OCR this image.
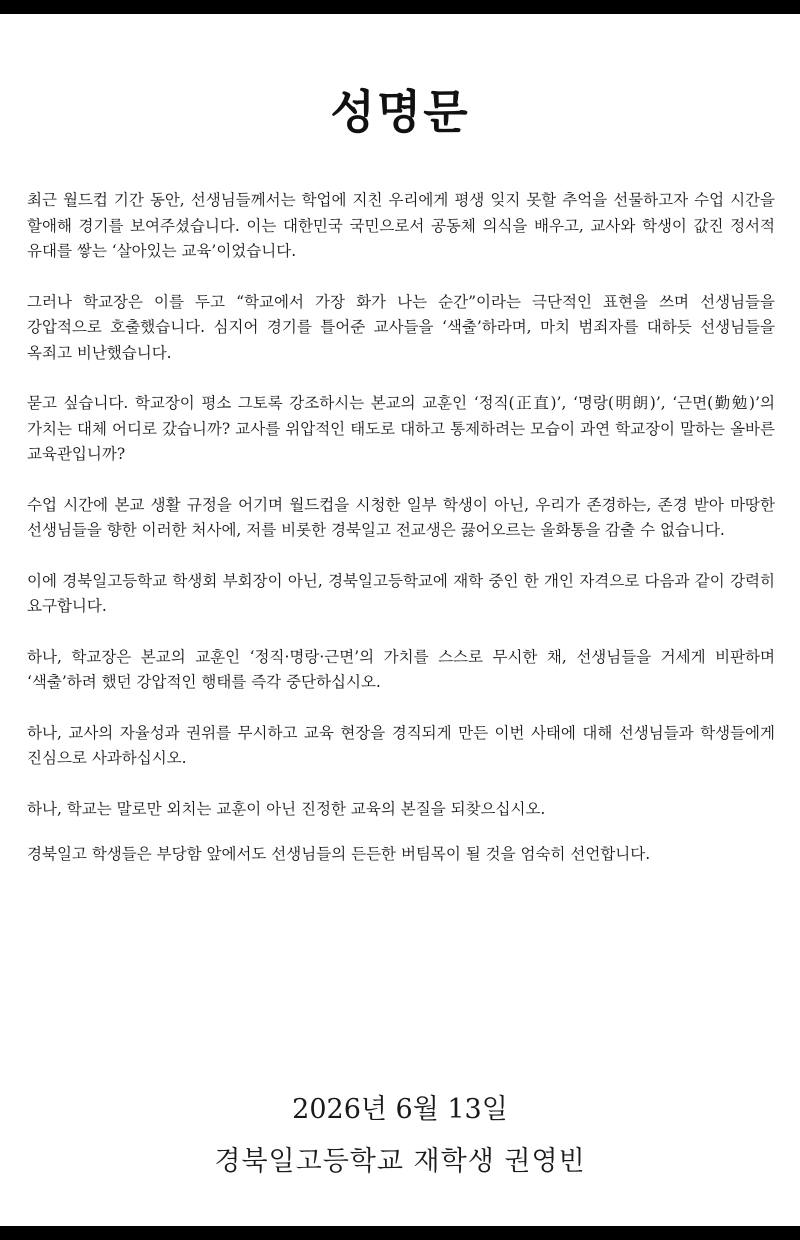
성명문

최근 월드컵 기간 동안, 선생님들께서는 학업에 지친 우리에게 평생 잊지 못할 추억을 선물하고자 수업 시간을 할애해 경기를 보여주셨습니다. 이는 대한민국 국민으로서 공동체 의식을 배우고, 교사와 학생이 값진 정서적 유대를 쌓는 ‘살아있는 교육’이었습니다.

그러나 학교장은 이를 두고 “학교에서 가장 화가 나는 순간”이라는 극단적인 표현을 쓰며 선생님들을 강압적으로 호출했습니다. 심지어 경기를 틀어준 교사들을 ‘색출’하라며, 마치 범죄자를 대하듯 선생님들을 옥죄고 비난했습니다.

묻고 싶습니다. 학교장이 평소 그토록 강조하시는 본교의 교훈인 ‘정직(正直)’, ‘명랑(明朗)’, ‘근면(勤勉)’의 가치는 대체 어디로 갔습니까? 교사를 위압적인 태도로 대하고 통제하려는 모습이 과연 학교장이 말하는 올바른 교육관입니까?

수업 시간에 본교 생활 규정을 어기며 월드컵을 시청한 일부 학생이 아닌, 우리가 존경하는, 존경 받아 마땅한 선생님들을 향한 이러한 처사에, 저를 비롯한 경북일고 전교생은 끓어오르는 울화통을 감출 수 없습니다.

이에 경북일고등학교 학생회 부회장이 아닌, 경북일고등학교에 재학 중인 한 개인 자격으로 다음과 같이 강력히 요구합니다.

하나, 학교장은 본교의 교훈인 ‘정직·명랑·근면’의 가치를 스스로 무시한 채, 선생님들을 거세게 비판하며 ‘색출’하려 했던 강압적인 행태를 즉각 중단하십시오.

하나, 교사의 자율성과 권위를 무시하고 교육 현장을 경직되게 만든 이번 사태에 대해 선생님들과 학생들에게 진심으로 사과하십시오.

하나, 학교는 말로만 외치는 교훈이 아닌 진정한 교육의 본질을 되찾으십시오.

경북일고 학생들은 부당함 앞에서도 선생님들의 든든한 버팀목이 될 것을 엄숙히 선언합니다.

2026년 6월 13일

경북일고등학교 재학생 권영빈
